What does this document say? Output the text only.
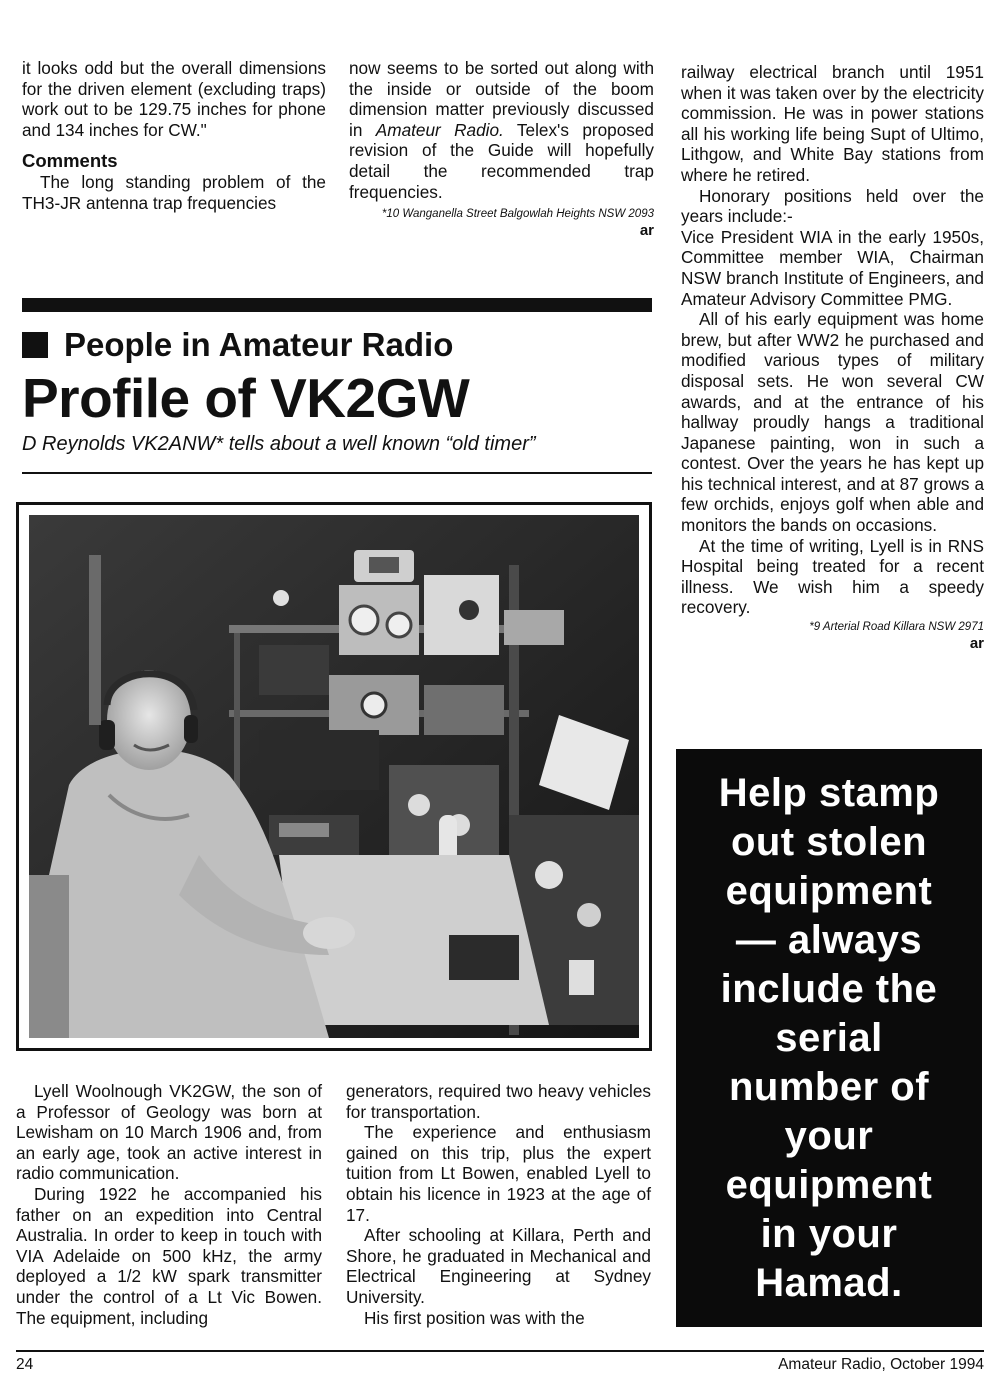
it looks odd but the overall dimensions for the driven element (excluding traps) work out to be 129.75 inches for phone and 134 inches for CW."

Comments

The long standing problem of the TH3-JR antenna trap frequencies

now seems to be sorted out along with the inside or outside of the boom dimension matter previously discussed in Amateur Radio. Telex's proposed revision of the Guide will hopefully detail the recommended trap frequencies.

*10 Wanganella Street Balgowlah Heights NSW 2093
ar
People in Amateur Radio
Profile of VK2GW
D Reynolds VK2ANW* tells about a well known “old timer”

Lyell Woolnough VK2GW, the son of a Professor of Geology was born at Lewisham on 10 March 1906 and, from an early age, took an active interest in radio communication.

During 1922 he accompanied his father on an expedition into Central Australia. In order to keep in touch with VIA Adelaide on 500 kHz, the army deployed a 1/2 kW spark transmitter under the control of a Lt Vic Bowen. The equipment, including

generators, required two heavy vehicles for transportation.

The experience and enthusiasm gained on this trip, plus the expert tuition from Lt Bowen, enabled Lyell to obtain his licence in 1923 at the age of 17.

After schooling at Killara, Perth and Shore, he graduated in Mechanical and Electrical Engineering at Sydney University.

His first position was with the

railway electrical branch until 1951 when it was taken over by the electricity commission. He was in power stations all his working life being Supt of Ultimo, Lithgow, and White Bay stations from where he retired.

Honorary positions held over the years include:-

Vice President WIA in the early 1950s, Committee member WIA, Chairman NSW branch Institute of Engineers, and Amateur Advisory Committee PMG.

All of his early equipment was home brew, but after WW2 he purchased and modified various types of military disposal sets. He won several CW awards, and at the entrance of his hallway proudly hangs a traditional Japanese painting, won in such a contest. Over the years he has kept up his technical interest, and at 87 grows a few orchids, enjoys golf when able and monitors the bands on occasions.

At the time of writing, Lyell is in RNS Hospital being treated for a recent illness. We wish him a speedy recovery.

*9 Arterial Road Killara NSW 2971
ar
Help stamp
out stolen
equipment
— always
include the
serial
number of
your
equipment
in your
Hamad.
24	Amateur Radio, October 1994
